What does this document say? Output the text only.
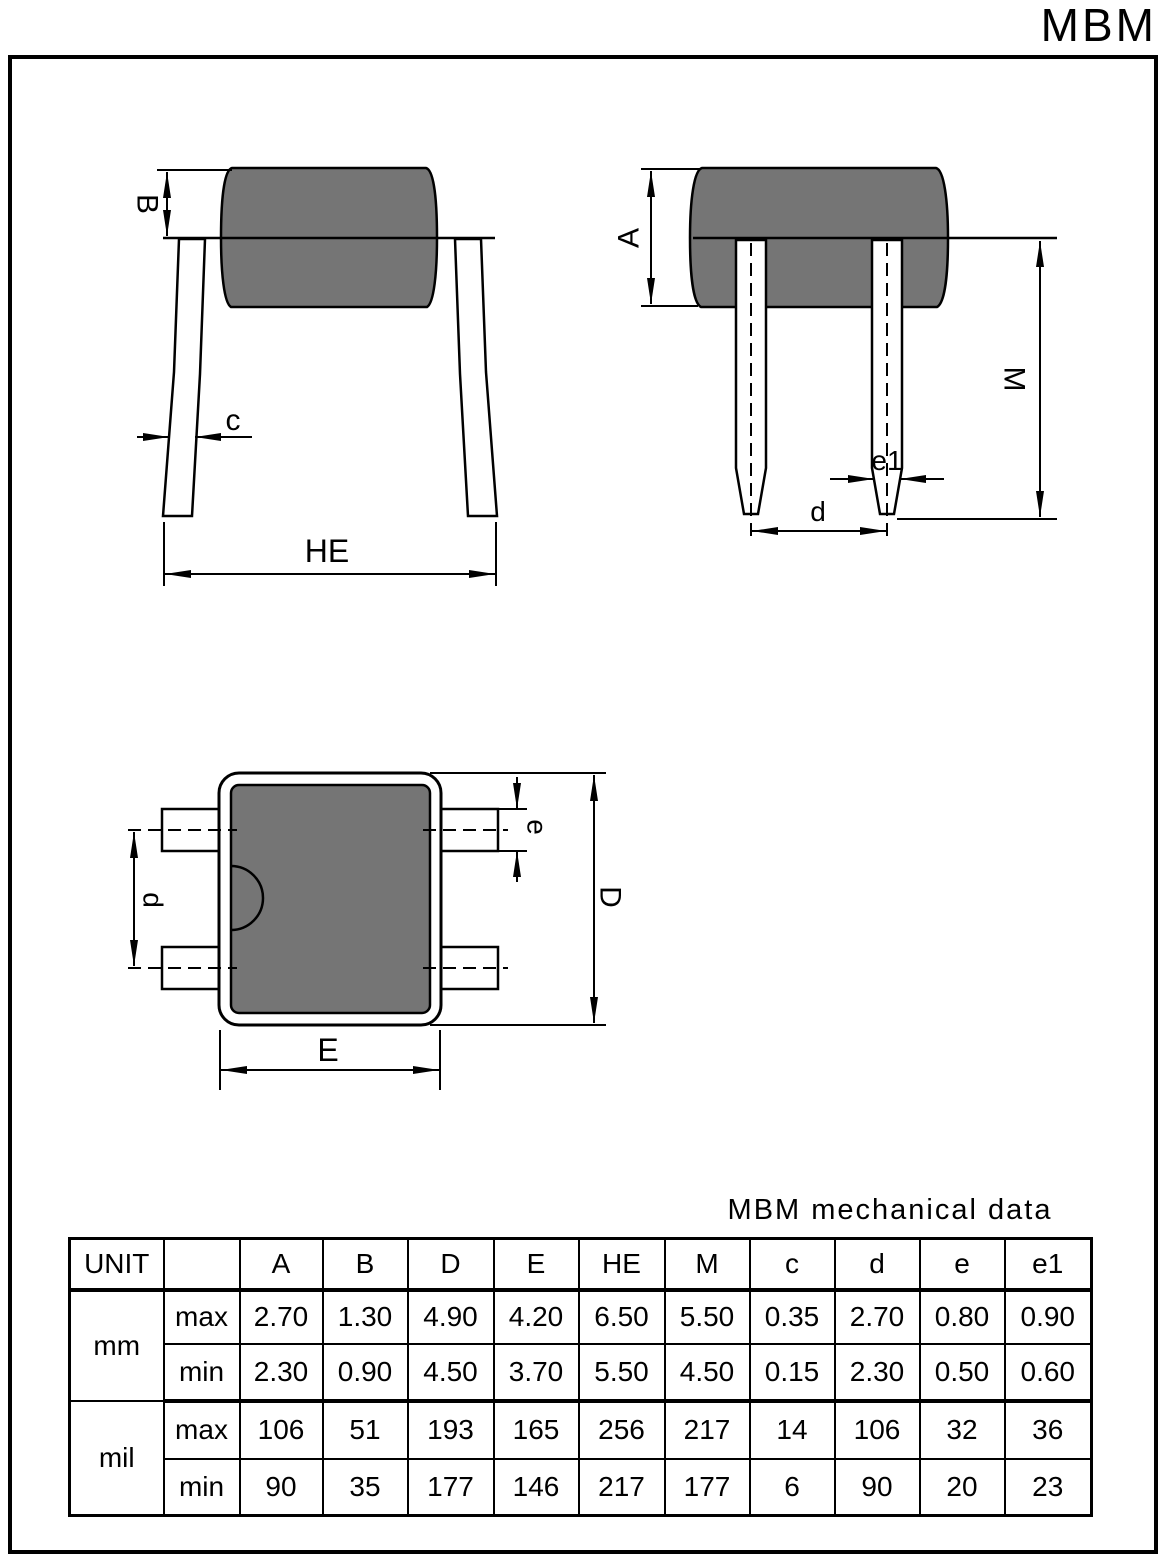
B
c
HE
A
M
e1
d
d
e
D
E
MBM
MBM mechanical data
UNIT		A	B	D	E	HE	M	c	d	e	e1
mm	max	2.70	1.30	4.90	4.20	6.50	5.50	0.35	2.70	0.80	0.90
	min	2.30	0.90	4.50	3.70	5.50	4.50	0.15	2.30	0.50	0.60
mil	max	106	51	193	165	256	217	14	106	32	36
	min	90	35	177	146	217	177	6	90	20	23
